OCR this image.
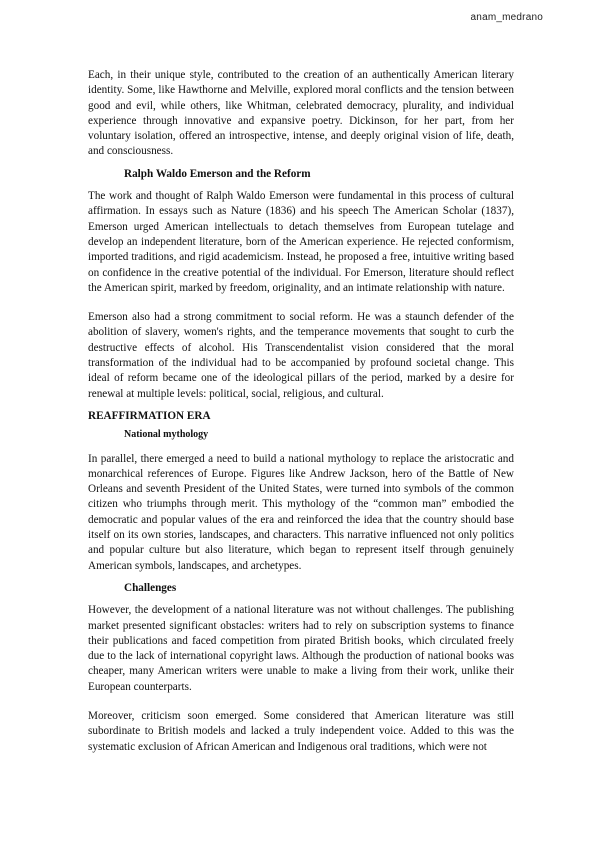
anam_medrano

Each, in their unique style, contributed to the creation of an authentically American literary identity. Some, like Hawthorne and Melville, explored moral conflicts and the tension between good and evil, while others, like Whitman, celebrated democracy, plurality, and individual experience through innovative and expansive poetry. Dickinson, for her part, from her voluntary isolation, offered an introspective, intense, and deeply original vision of life, death, and consciousness.

Ralph Waldo Emerson and the Reform

The work and thought of Ralph Waldo Emerson were fundamental in this process of cultural affirmation. In essays such as Nature (1836) and his speech The American Scholar (1837), Emerson urged American intellectuals to detach themselves from European tutelage and develop an independent literature, born of the American experience. He rejected conformism, imported traditions, and rigid academicism. Instead, he proposed a free, intuitive writing based on confidence in the creative potential of the individual. For Emerson, literature should reflect the American spirit, marked by freedom, originality, and an intimate relationship with nature.

Emerson also had a strong commitment to social reform. He was a staunch defender of the abolition of slavery, women's rights, and the temperance movements that sought to curb the destructive effects of alcohol. His Transcendentalist vision considered that the moral transformation of the individual had to be accompanied by profound societal change. This ideal of reform became one of the ideological pillars of the period, marked by a desire for renewal at multiple levels: political, social, religious, and cultural.

REAFFIRMATION ERA

National mythology

In parallel, there emerged a need to build a national mythology to replace the aristocratic and monarchical references of Europe. Figures like Andrew Jackson, hero of the Battle of New Orleans and seventh President of the United States, were turned into symbols of the common citizen who triumphs through merit. This mythology of the “common man” embodied the democratic and popular values of the era and reinforced the idea that the country should base itself on its own stories, landscapes, and characters. This narrative influenced not only politics and popular culture but also literature, which began to represent itself through genuinely American symbols, landscapes, and archetypes.

Challenges

However, the development of a national literature was not without challenges. The publishing market presented significant obstacles: writers had to rely on subscription systems to finance their publications and faced competition from pirated British books, which circulated freely due to the lack of international copyright laws. Although the production of national books was cheaper, many American writers were unable to make a living from their work, unlike their European counterparts.

Moreover, criticism soon emerged. Some considered that American literature was still subordinate to British models and lacked a truly independent voice. Added to this was the systematic exclusion of African American and Indigenous oral traditions, which were not
